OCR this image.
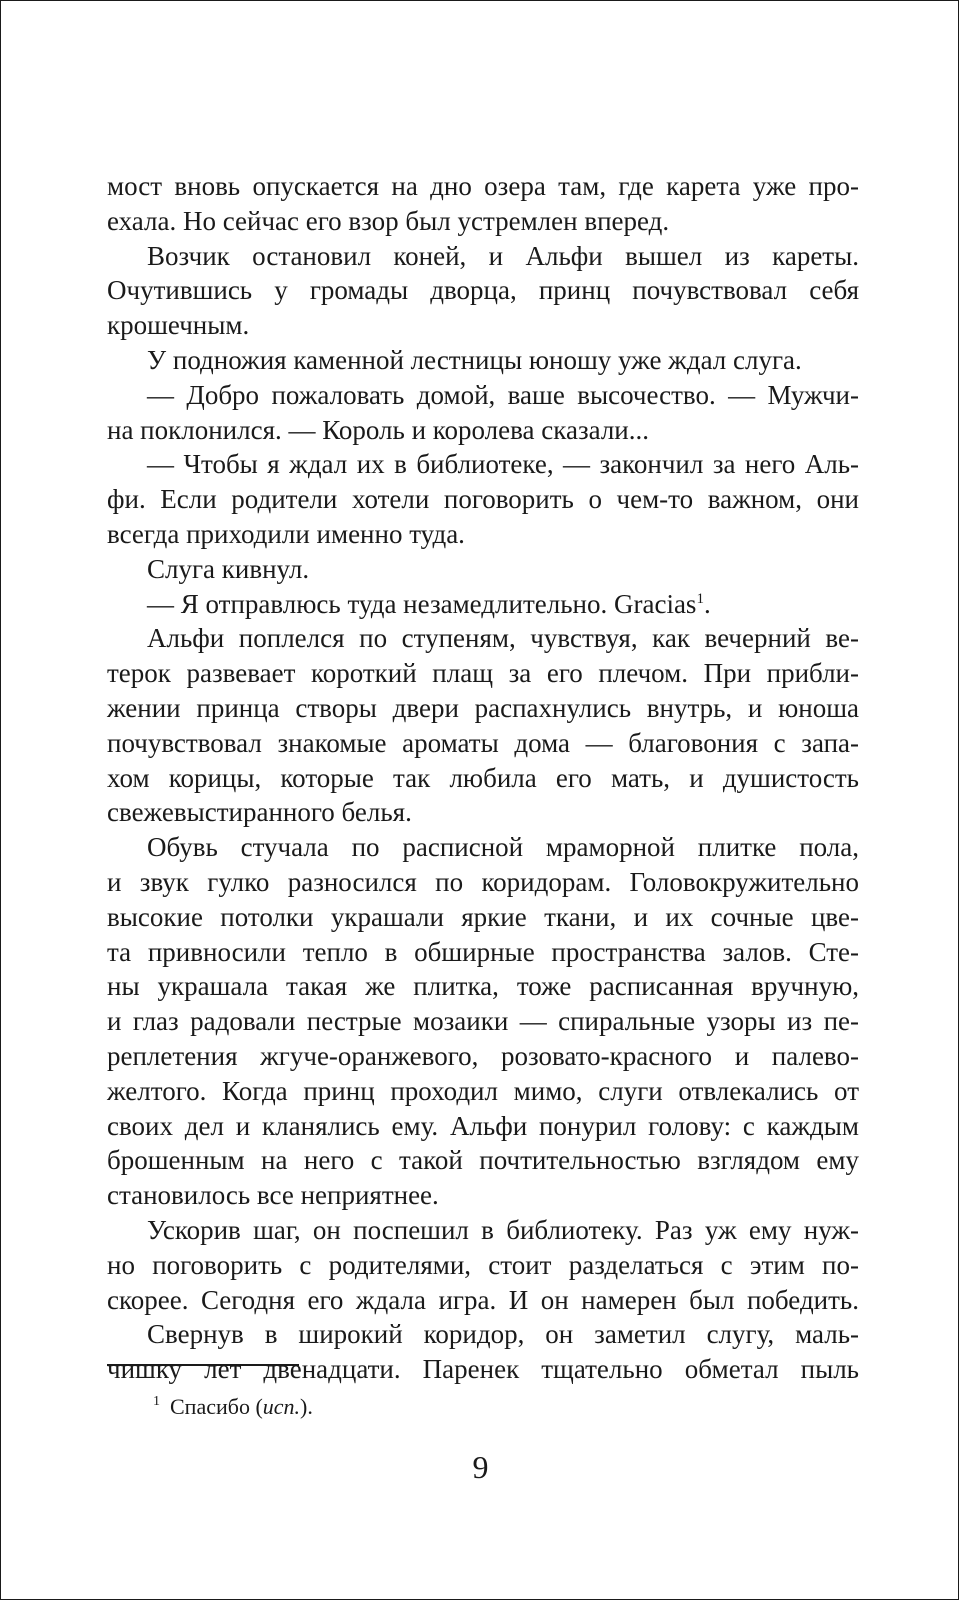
мост вновь опускается на дно озера там, где карета уже про-
ехала. Но сейчас его взор был устремлен вперед.
Возчик остановил коней, и Альфи вышел из кареты.
Очутившись у громады дворца, принц почувствовал себя
крошечным.
У подножия каменной лестницы юношу уже ждал слуга.
— Добро пожаловать домой, ваше высочество. — Мужчи-
на поклонился. — Король и королева сказали...
— Чтобы я ждал их в библиотеке, — закончил за него Аль-
фи. Если родители хотели поговорить о чем-то важном, они
всегда приходили именно туда.
Слуга кивнул.
— Я отправлюсь туда незамедлительно. Gracias$^1$.
Альфи поплелся по ступеням, чувствуя, как вечерний ве-
терок развевает короткий плащ за его плечом. При прибли-
жении принца створы двери распахнулись внутрь, и юноша
почувствовал знакомые ароматы дома — благовония с запа-
хом корицы, которые так любила его мать, и душистость
свежевыстиранного белья.
Обувь стучала по расписной мраморной плитке пола,
и звук гулко разносился по коридорам. Головокружительно
высокие потолки украшали яркие ткани, и их сочные цве-
та привносили тепло в обширные пространства залов. Сте-
ны украшала такая же плитка, тоже расписанная вручную,
и глаз радовали пестрые мозаики — спиральные узоры из пе-
реплетения жгуче-оранжевого, розовато-красного и палево-
желтого. Когда принц проходил мимо, слуги отвлекались от
своих дел и кланялись ему. Альфи понурил голову: с каждым
брошенным на него с такой почтительностью взглядом ему
становилось все неприятнее.
Ускорив шаг, он поспешил в библиотеку. Раз уж ему нуж-
но поговорить с родителями, стоит разделаться с этим по-
скорее. Сегодня его ждала игра. И он намерен был победить.
Свернув в широкий коридор, он заметил слугу, маль-
чишку лет двенадцати. Паренек тщательно обметал пыль
$^1$ Спасибо (исп.).
9
